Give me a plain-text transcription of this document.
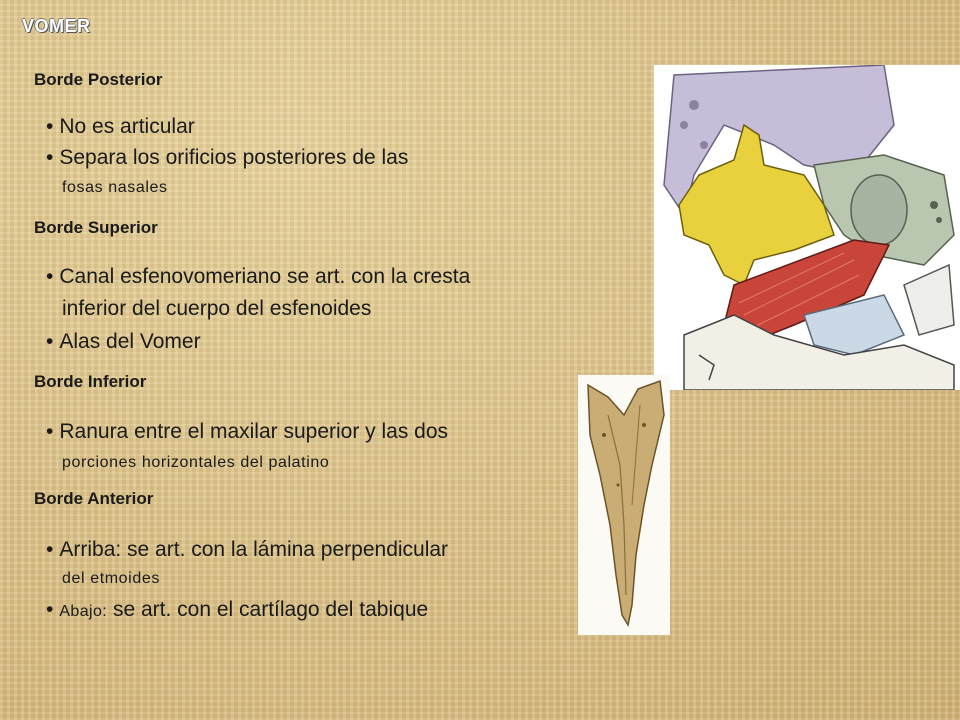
VOMER
Borde Posterior
• No es articular
• Separa los orificios posteriores de las
fosas nasales
Borde Superior
• Canal esfenovomeriano se art. con la cresta
inferior del cuerpo del esfenoides
• Alas del Vomer
Borde Inferior
• Ranura entre el maxilar superior y las dos
porciones horizontales del palatino
Borde Anterior
• Arriba: se art. con la lámina perpendicular
del etmoides
• Abajo: se art. con el cartílago del tabique
